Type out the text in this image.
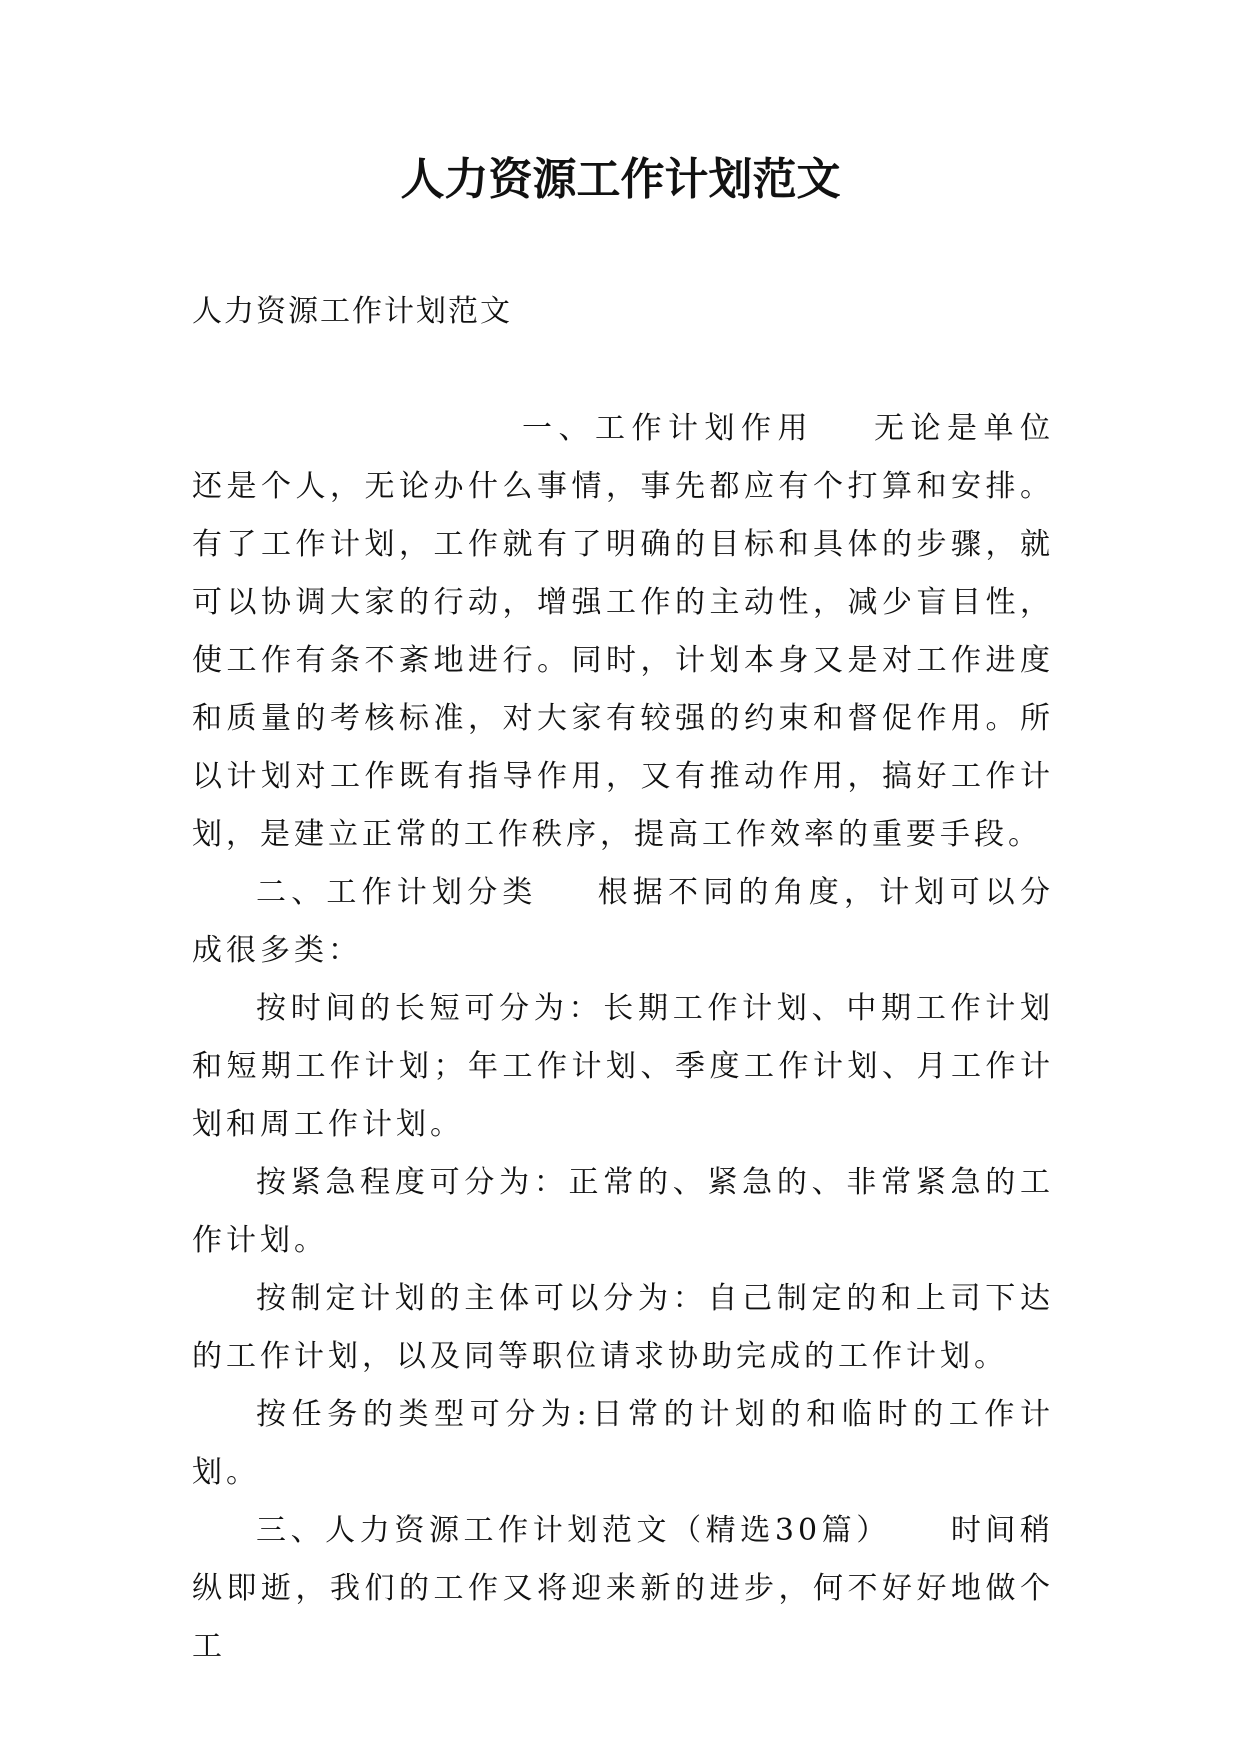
人力资源工作计划范文

人力资源工作计划范文

一、工作计划作用 无论是单位还是个人，无论办什么事情，事先都应有个打算和安排。有了工作计划，工作就有了明确的目标和具体的步骤，就可以协调大家的行动，增强工作的主动性，减少盲目性，使工作有条不紊地进行。同时，计划本身又是对工作进度和质量的考核标准，对大家有较强的约束和督促作用。所以计划对工作既有指导作用，又有推动作用，搞好工作计划，是建立正常的工作秩序，提高工作效率的重要手段。

二、工作计划分类 根据不同的角度，计划可以分成很多类：

按时间的长短可分为：长期工作计划、中期工作计划和短期工作计划；年工作计划、季度工作计划、月工作计划和周工作计划。

按紧急程度可分为：正常的、紧急的、非常紧急的工作计划。

按制定计划的主体可以分为：自己制定的和上司下达的工作计划，以及同等职位请求协助完成的工作计划。

按任务的类型可分为:日常的计划的和临时的工作计划。

三、人力资源工作计划范文（精选30篇） 时间稍纵即逝，我们的工作又将迎来新的进步，何不好好地做个工
